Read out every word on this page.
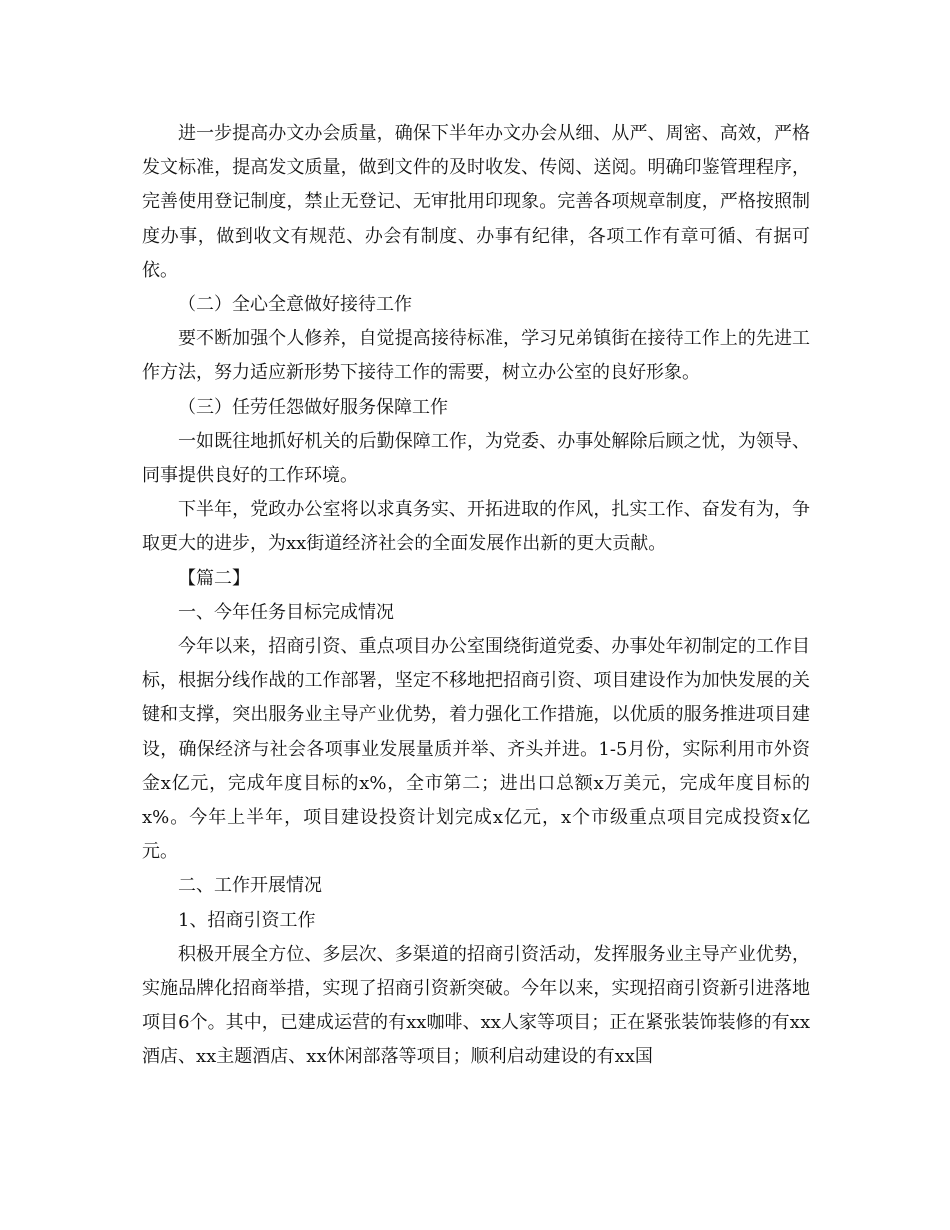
进一步提高办文办会质量，确保下半年办文办会从细、从严、周密、高效，严格发文标准，提高发文质量，做到文件的及时收发、传阅、送阅。明确印鉴管理程序，完善使用登记制度，禁止无登记、无审批用印现象。完善各项规章制度，严格按照制度办事，做到收文有规范、办会有制度、办事有纪律，各项工作有章可循、有据可依。

（二）全心全意做好接待工作

要不断加强个人修养，自觉提高接待标准，学习兄弟镇街在接待工作上的先进工作方法，努力适应新形势下接待工作的需要，树立办公室的良好形象。

（三）任劳任怨做好服务保障工作

一如既往地抓好机关的后勤保障工作，为党委、办事处解除后顾之忧，为领导、同事提供良好的工作环境。

下半年，党政办公室将以求真务实、开拓进取的作风，扎实工作、奋发有为，争取更大的进步，为xx街道经济社会的全面发展作出新的更大贡献。

【篇二】

一、今年任务目标完成情况

今年以来，招商引资、重点项目办公室围绕街道党委、办事处年初制定的工作目标，根据分线作战的工作部署，坚定不移地把招商引资、项目建设作为加快发展的关键和支撑，突出服务业主导产业优势，着力强化工作措施，以优质的服务推进项目建设，确保经济与社会各项事业发展量质并举、齐头并进。1-5月份，实际利用市外资金x亿元，完成年度目标的x%，全市第二；进出口总额x万美元，完成年度目标的x%。今年上半年，项目建设投资计划完成x亿元，x个市级重点项目完成投资x亿元。

二、工作开展情况

1、招商引资工作

积极开展全方位、多层次、多渠道的招商引资活动，发挥服务业主导产业优势，实施品牌化招商举措，实现了招商引资新突破。今年以来，实现招商引资新引进落地项目6个。其中，已建成运营的有xx咖啡、xx人家等项目；正在紧张装饰装修的有xx酒店、xx主题酒店、xx休闲部落等项目；顺利启动建设的有xx国
